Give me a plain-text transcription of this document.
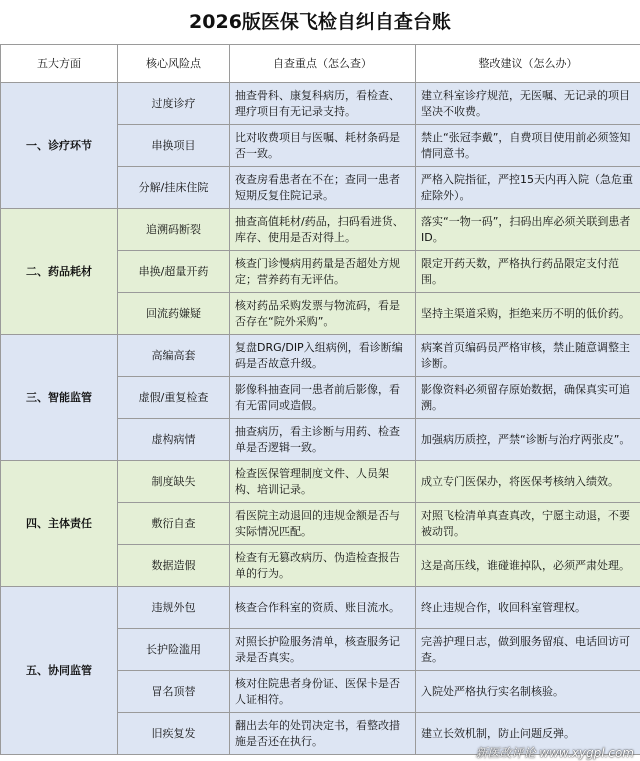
2026版医保飞检自纠自查台账
五大方面	核心风险点	自查重点（怎么查）	整改建议（怎么办）
一、诊疗环节	过度诊疗	抽查骨科、康复科病历，看检查、理疗项目有无记录支持。	建立科室诊疗规范，无医嘱、无记录的项目坚决不收费。
	串换项目	比对收费项目与医嘱、耗材条码是否一致。	禁止“张冠李戴”，自费项目使用前必须签知情同意书。
	分解/挂床住院	夜查房看患者在不在；查同一患者短期反复住院记录。	严格入院指征，严控15天内再入院（急危重症除外）。
二、药品耗材	追溯码断裂	抽查高值耗材/药品，扫码看进货、库存、使用是否对得上。	落实“一物一码”，扫码出库必须关联到患者ID。
	串换/超量开药	核查门诊慢病用药量是否超处方规定；营养药有无评估。	限定开药天数，严格执行药品限定支付范围。
	回流药嫌疑	核对药品采购发票与物流码，看是否存在“院外采购”。	坚持主渠道采购，拒绝来历不明的低价药。
三、智能监管	高编高套	复盘DRG/DIP入组病例，看诊断编码是否故意升级。	病案首页编码员严格审核，禁止随意调整主诊断。
	虚假/重复检查	影像科抽查同一患者前后影像，看有无雷同或造假。	影像资料必须留存原始数据，确保真实可追溯。
	虚构病情	抽查病历，看主诊断与用药、检查单是否逻辑一致。	加强病历质控，严禁“诊断与治疗两张皮”。
四、主体责任	制度缺失	检查医保管理制度文件、人员架构、培训记录。	成立专门医保办，将医保考核纳入绩效。
	敷衍自查	看医院主动退回的违规金额是否与实际情况匹配。	对照飞检清单真查真改，宁愿主动退，不要被动罚。
	数据造假	检查有无篡改病历、伪造检查报告单的行为。	这是高压线，谁碰谁掉队，必须严肃处理。
五、协同监管	违规外包	核查合作科室的资质、账目流水。	终止违规合作，收回科室管理权。
	长护险滥用	对照长护险服务清单，核查服务记录是否真实。	完善护理日志，做到服务留痕、电话回访可查。
	冒名顶替	核对住院患者身份证、医保卡是否人证相符。	入院处严格执行实名制核验。
	旧疾复发	翻出去年的处罚决定书，看整改措施是否还在执行。	建立长效机制，防止问题反弹。
新医改评论 www.xygpl.com
